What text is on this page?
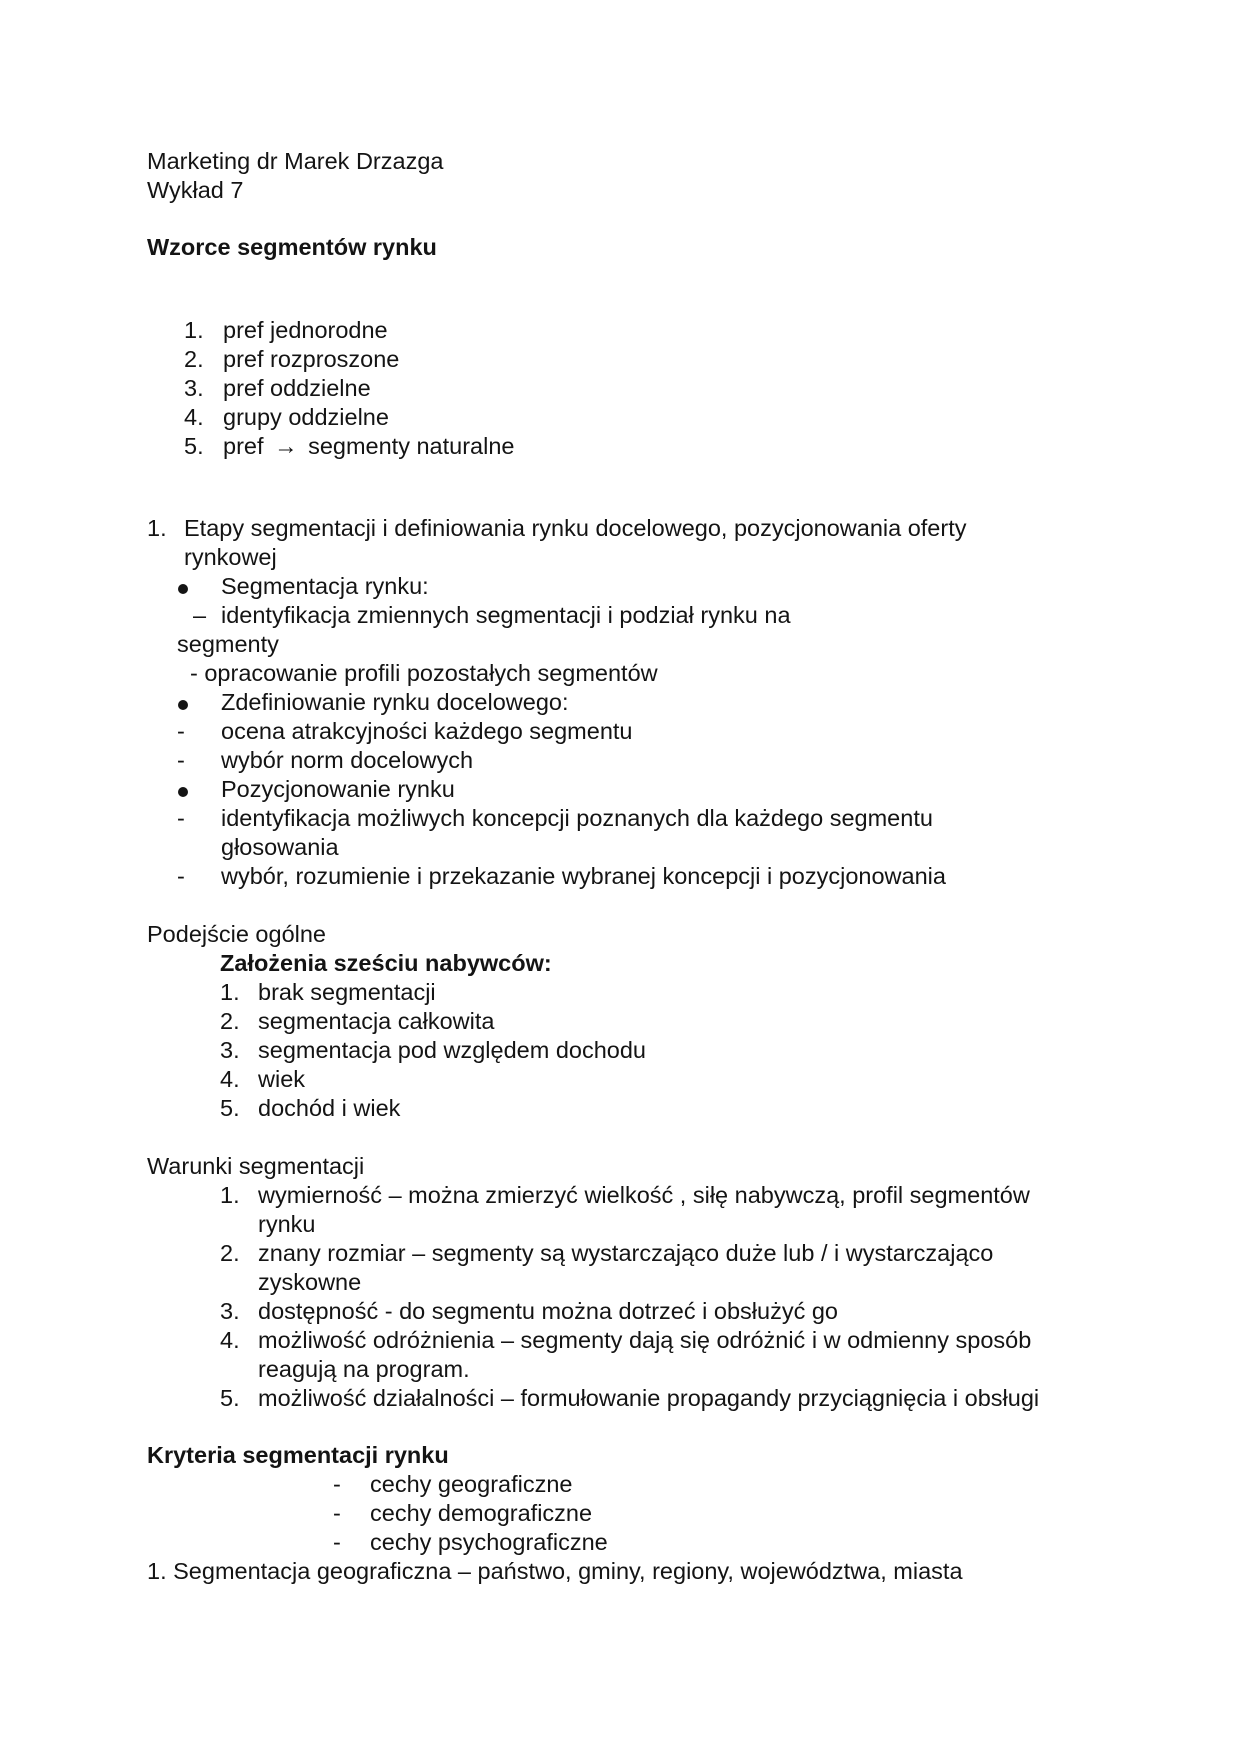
Marketing dr Marek Drzazga
Wykład 7
Wzorce segmentów rynku
1. pref jednorodne
2. pref rozproszone
3. pref oddzielne
4. grupy oddzielne
5. pref → segmenty naturalne
1. Etapy segmentacji i definiowania rynku docelowego, pozycjonowania oferty
rynkowej
Segmentacja rynku:
– identyfikacja zmiennych segmentacji i podział rynku na
segmenty
- opracowanie profili pozostałych segmentów
Zdefiniowanie rynku docelowego:
- ocena atrakcyjności każdego segmentu
- wybór norm docelowych
Pozycjonowanie rynku
- identyfikacja możliwych koncepcji poznanych dla każdego segmentu
głosowania
- wybór, rozumienie i przekazanie wybranej koncepcji i pozycjonowania
Podejście ogólne
Założenia sześciu nabywców:
1. brak segmentacji
2. segmentacja całkowita
3. segmentacja pod względem dochodu
4. wiek
5. dochód i wiek
Warunki segmentacji
1. wymierność – można zmierzyć wielkość , siłę nabywczą, profil segmentów
rynku
2. znany rozmiar – segmenty są wystarczająco duże lub / i wystarczająco
zyskowne
3. dostępność - do segmentu można dotrzeć i obsłużyć go
4. możliwość odróżnienia – segmenty dają się odróżnić i w odmienny sposób
reagują na program.
5. możliwość działalności – formułowanie propagandy przyciągnięcia i obsługi
Kryteria segmentacji rynku
- cechy geograficzne
- cechy demograficzne
- cechy psychograficzne
1. Segmentacja geograficzna – państwo, gminy, regiony, województwa, miasta
